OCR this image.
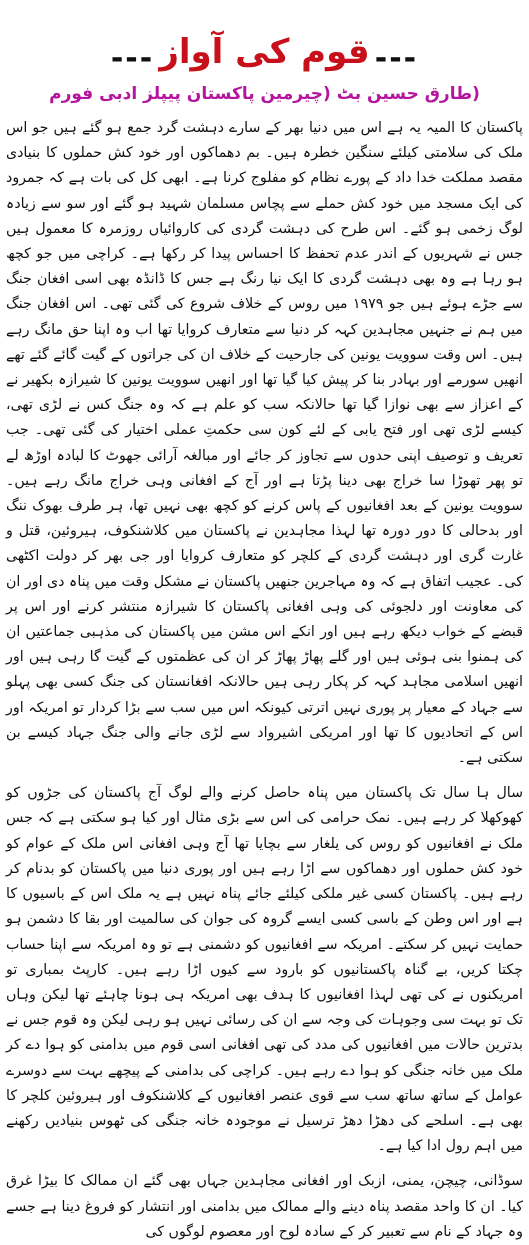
--- قوم کی آواز ---
(طارق حسین بٹ (چیرمین پاکستان پیپلز ادبی فورم

پاکستان کا المیہ یہ ہے اس میں دنیا بھر کے سارے دہشت گرد جمع ہو گئے ہیں جو اس ملک کی سلامتی کیلئے سنگین خطرہ ہیں۔ بم دھماکوں اور خود کش حملوں کا بنیادی مقصد مملکت خدا داد کے پورے نظام کو مفلوج کرنا ہے۔ ابھی کل کی بات ہے کہ جمرود کی ایک مسجد میں خود کش حملے سے پچاس مسلمان شہید ہو گئے اور سو سے زیادہ لوگ زخمی ہو گئے۔ اس طرح کی دہشت گردی کی کاروائیاں روزمرہ کا معمول ہیں جس نے شہریوں کے اندر عدم تحفظ کا احساس پیدا کر رکھا ہے۔ کراچی میں جو کچھ ہو رہا ہے وہ بھی دہشت گردی کا ایک نیا رنگ ہے جس کا ڈانڈہ بھی اسی افغان جنگ سے جڑے ہوئے ہیں جو ۱۹۷۹ میں روس کے خلاف شروع کی گئی تھی۔ اس افغان جنگ میں ہم نے جنہیں مجاہدین کہہ کر دنیا سے متعارف کروایا تھا اب وہ اپنا حق مانگ رہے ہیں۔ اس وقت سوویت یونین کی جارحیت کے خلاف ان کی جراتوں کے گیت گائے گئے تھے انھیں سورمے اور بہادر بنا کر پیش کیا گیا تھا اور انھیں سوویت یونین کا شیرازہ بکھیر نے کے اعزاز سے بھی نوازا گیا تھا حالانکہ سب کو علم ہے کہ وہ جنگ کس نے لڑی تھی، کیسے لڑی تھی اور فتح یابی کے لئے کون سی حکمتِ عملی اختیار کی گئی تھی۔ جب تعریف و توصیف اپنی حدوں سے تجاوز کر جائے اور مبالغہ آرائی جھوٹ کا لبادہ اوڑھ لے تو پھر تھوڑا سا خراج بھی دینا پڑتا ہے اور آج کے افغانی وہی خراج مانگ رہے ہیں۔ سوویت یونین کے بعد افغانیوں کے پاس کرنے کو کچھ بھی نہیں تھا، ہر طرف بھوک ننگ اور بدحالی کا دور دورہ تھا لہذا مجاہدین نے پاکستان میں کلاشنکوف، ہیروئین، قتل و غارت گری اور دہشت گردی کے کلچر کو متعارف کروایا اور جی بھر کر دولت اکٹھی کی۔ عجیب اتفاق ہے کہ وہ مہاجرین جنھیں پاکستان نے مشکل وقت میں پناہ دی اور ان کی معاونت اور دلجوئی کی وہی افغانی پاکستان کا شیرازہ منتشر کرنے اور اس پر قبضے کے خواب دیکھ رہے ہیں اور انکے اس مشن میں پاکستان کی مذہبی جماعتیں ان کی ہمنوا بنی ہوئی ہیں اور گلے پھاڑ پھاڑ کر ان کی عظمتوں کے گیت گا رہی ہیں اور انھیں اسلامی مجاہد کہہ کر پکار رہی ہیں حالانکہ افغانستان کی جنگ کسی بھی پہلو سے جہاد کے معیار پر پوری نہیں اترتی کیونکہ اس میں سب سے بڑا کردار تو امریکہ اور اس کے اتحادیوں کا تھا اور امریکی اشیرواد سے لڑی جانے والی جنگ جہاد کیسے بن سکتی ہے۔

سال ہا سال تک پاکستان میں پناہ حاصل کرنے والے لوگ آج پاکستان کی جڑوں کو کھوکھلا کر رہے ہیں۔ نمک حرامی کی اس سے بڑی مثال اور کیا ہو سکتی ہے کہ جس ملک نے افغانیوں کو روس کی یلغار سے بچایا تھا آج وہی افغانی اس ملک کے عوام کو خود کش حملوں اور دھماکوں سے اڑا رہے ہیں اور پوری دنیا میں پاکستان کو بدنام کر رہے ہیں۔ پاکستان کسی غیر ملکی کیلئے جائے پناہ نہیں ہے یہ ملک اس کے باسیوں کا ہے اور اس وطن کے باسی کسی ایسے گروہ کی جوان کی سالمیت اور بقا کا دشمن ہو حمایت نہیں کر سکتے۔ امریکہ سے افغانیوں کو دشمنی ہے تو وہ امریکہ سے اپنا حساب چکتا کریں، بے گناہ پاکستانیوں کو بارود سے کیوں اڑا رہے ہیں۔ کارپٹ بمباری تو امریکنوں نے کی تھی لہذا افغانیوں کا ہدف بھی امریکہ ہی ہونا چاہئے تھا لیکن وہاں تک تو بہت سی وجوہات کی وجہ سے ان کی رسائی نہیں ہو رہی لیکن وہ قوم جس نے بدترین حالات میں افغانیوں کی مدد کی تھی افغانی اسی قوم میں بدامنی کو ہوا دے کر ملک میں خانہ جنگی کو ہوا دے رہے ہیں۔ کراچی کی بدامنی کے پیچھے بہت سے دوسرے عوامل کے ساتھ ساتھ سب سے قوی عنصر افغانیوں کے کلاشنکوف اور ہیروئین کلچر کا بھی ہے۔ اسلحے کی دھڑا دھڑ ترسیل نے موجودہ خانہ جنگی کی ٹھوس بنیادیں رکھنے میں اہم رول ادا کیا ہے۔

سوڈانی، چیچن، یمنی، ازبک اور افغانی مجاہدین جہاں بھی گئے ان ممالک کا بیڑا غرق کیا۔ ان کا واحد مقصد پناہ دینے والے ممالک میں بدامنی اور انتشار کو فروغ دینا ہے جسے وہ جہاد کے نام سے تعبیر کر کے سادہ لوح اور معصوم لوگوں کی
